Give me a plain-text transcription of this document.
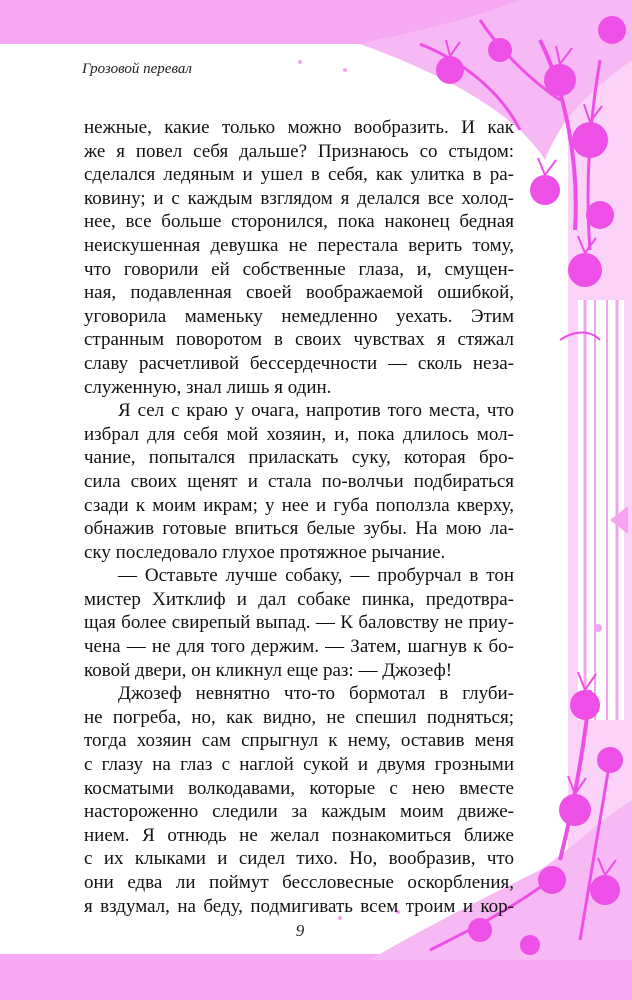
Грозовой перевал

нежные, какие только можно вообразить. И как

же я повел себя дальше? Признаюсь со стыдом:

сделался ледяным и ушел в себя, как улитка в ра-

ковину; и с каждым взглядом я делался все холод-

нее, все больше сторонился, пока наконец бедная

неискушенная девушка не перестала верить тому,

что говорили ей собственные глаза, и, смущен-

ная, подавленная своей воображаемой ошибкой,

уговорила маменьку немедленно уехать. Этим

странным поворотом в своих чувствах я стяжал

славу расчетливой бессердечности — сколь неза-

служенную, знал лишь я один.

Я сел с краю у очага, напротив того места, что

избрал для себя мой хозяин, и, пока длилось мол-

чание, попытался приласкать суку, которая бро-

сила своих щенят и стала по-волчьи подбираться

сзади к моим икрам; у нее и губа поползла кверху,

обнажив готовые впиться белые зубы. На мою ла-

ску последовало глухое протяжное рычание.

— Оставьте лучше собаку, — пробурчал в тон

мистер Хитклиф и дал собаке пинка, предотвра-

щая более свирепый выпад. — К баловству не приу-

чена — не для того держим. — Затем, шагнув к бо-

ковой двери, он кликнул еще раз: — Джозеф!

Джозеф невнятно что-то бормотал в глуби-

не погреба, но, как видно, не спешил подняться;

тогда хозяин сам спрыгнул к нему, оставив меня

с глазу на глаз с наглой сукой и двумя грозными

косматыми волкодавами, которые с нею вместе

настороженно следили за каждым моим движе-

нием. Я отнюдь не желал познакомиться ближе

с их клыками и сидел тихо. Но, вообразив, что

они едва ли поймут бессловесные оскорбления,

я вздумал, на беду, подмигивать всем троим и кор-

9
